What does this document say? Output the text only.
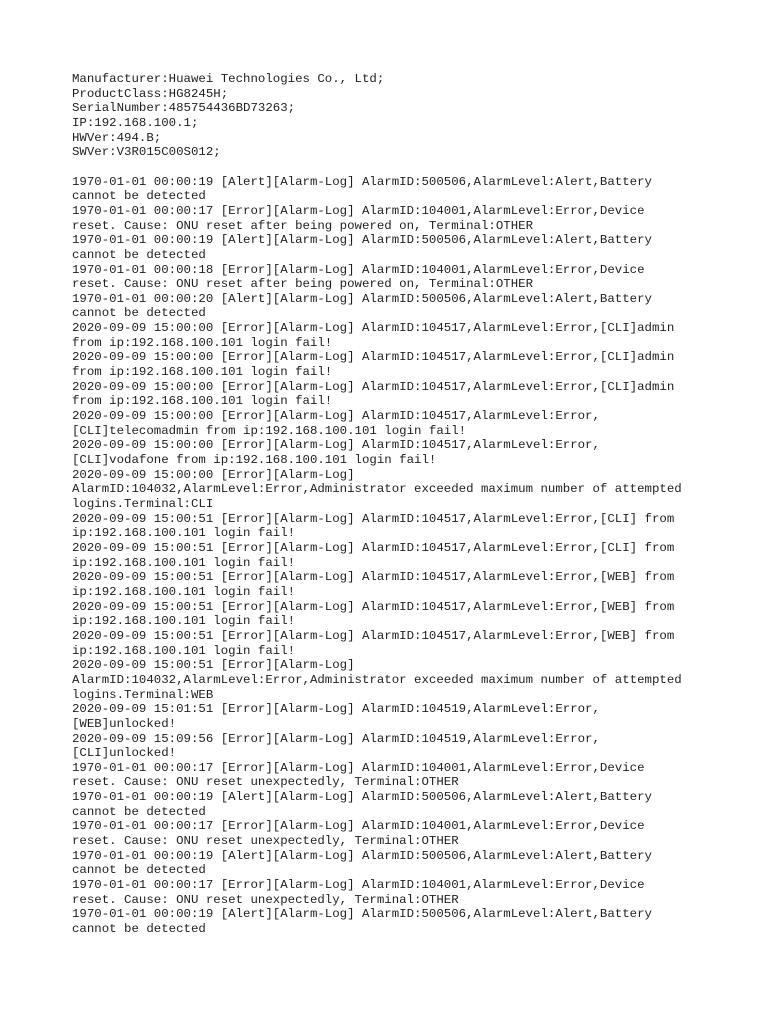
Manufacturer:Huawei Technologies Co., Ltd;
ProductClass:HG8245H;
SerialNumber:485754436BD73263;
IP:192.168.100.1;
HWVer:494.B;
SWVer:V3R015C00S012;
1970-01-01 00:00:19 [Alert][Alarm-Log] AlarmID:500506,AlarmLevel:Alert,Battery
cannot be detected
1970-01-01 00:00:17 [Error][Alarm-Log] AlarmID:104001,AlarmLevel:Error,Device
reset. Cause: ONU reset after being powered on, Terminal:OTHER
1970-01-01 00:00:19 [Alert][Alarm-Log] AlarmID:500506,AlarmLevel:Alert,Battery
cannot be detected
1970-01-01 00:00:18 [Error][Alarm-Log] AlarmID:104001,AlarmLevel:Error,Device
reset. Cause: ONU reset after being powered on, Terminal:OTHER
1970-01-01 00:00:20 [Alert][Alarm-Log] AlarmID:500506,AlarmLevel:Alert,Battery
cannot be detected
2020-09-09 15:00:00 [Error][Alarm-Log] AlarmID:104517,AlarmLevel:Error,[CLI]admin
from ip:192.168.100.101 login fail!
2020-09-09 15:00:00 [Error][Alarm-Log] AlarmID:104517,AlarmLevel:Error,[CLI]admin
from ip:192.168.100.101 login fail!
2020-09-09 15:00:00 [Error][Alarm-Log] AlarmID:104517,AlarmLevel:Error,[CLI]admin
from ip:192.168.100.101 login fail!
2020-09-09 15:00:00 [Error][Alarm-Log] AlarmID:104517,AlarmLevel:Error,
[CLI]telecomadmin from ip:192.168.100.101 login fail!
2020-09-09 15:00:00 [Error][Alarm-Log] AlarmID:104517,AlarmLevel:Error,
[CLI]vodafone from ip:192.168.100.101 login fail!
2020-09-09 15:00:00 [Error][Alarm-Log]
AlarmID:104032,AlarmLevel:Error,Administrator exceeded maximum number of attempted
logins.Terminal:CLI
2020-09-09 15:00:51 [Error][Alarm-Log] AlarmID:104517,AlarmLevel:Error,[CLI] from
ip:192.168.100.101 login fail!
2020-09-09 15:00:51 [Error][Alarm-Log] AlarmID:104517,AlarmLevel:Error,[CLI] from
ip:192.168.100.101 login fail!
2020-09-09 15:00:51 [Error][Alarm-Log] AlarmID:104517,AlarmLevel:Error,[WEB] from
ip:192.168.100.101 login fail!
2020-09-09 15:00:51 [Error][Alarm-Log] AlarmID:104517,AlarmLevel:Error,[WEB] from
ip:192.168.100.101 login fail!
2020-09-09 15:00:51 [Error][Alarm-Log] AlarmID:104517,AlarmLevel:Error,[WEB] from
ip:192.168.100.101 login fail!
2020-09-09 15:00:51 [Error][Alarm-Log]
AlarmID:104032,AlarmLevel:Error,Administrator exceeded maximum number of attempted
logins.Terminal:WEB
2020-09-09 15:01:51 [Error][Alarm-Log] AlarmID:104519,AlarmLevel:Error,
[WEB]unlocked!
2020-09-09 15:09:56 [Error][Alarm-Log] AlarmID:104519,AlarmLevel:Error,
[CLI]unlocked!
1970-01-01 00:00:17 [Error][Alarm-Log] AlarmID:104001,AlarmLevel:Error,Device
reset. Cause: ONU reset unexpectedly, Terminal:OTHER
1970-01-01 00:00:19 [Alert][Alarm-Log] AlarmID:500506,AlarmLevel:Alert,Battery
cannot be detected
1970-01-01 00:00:17 [Error][Alarm-Log] AlarmID:104001,AlarmLevel:Error,Device
reset. Cause: ONU reset unexpectedly, Terminal:OTHER
1970-01-01 00:00:19 [Alert][Alarm-Log] AlarmID:500506,AlarmLevel:Alert,Battery
cannot be detected
1970-01-01 00:00:17 [Error][Alarm-Log] AlarmID:104001,AlarmLevel:Error,Device
reset. Cause: ONU reset unexpectedly, Terminal:OTHER
1970-01-01 00:00:19 [Alert][Alarm-Log] AlarmID:500506,AlarmLevel:Alert,Battery
cannot be detected
